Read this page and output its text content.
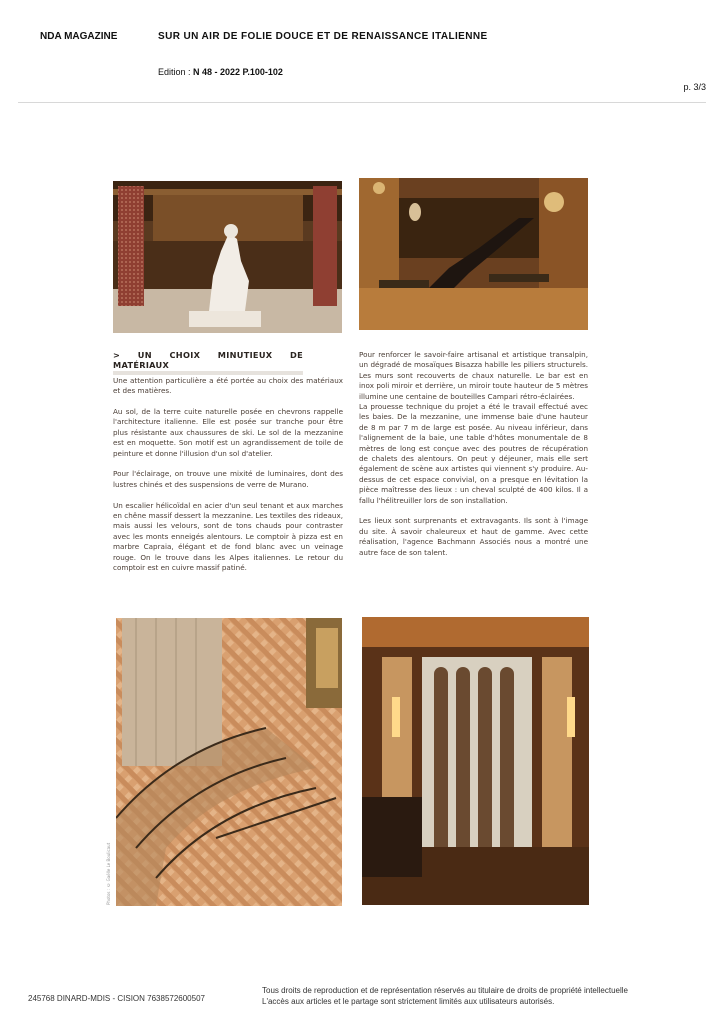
NDA MAGAZINE	SUR UN AIR DE FOLIE DOUCE ET DE RENAISSANCE ITALIENNE
Edition : N 48 - 2022 P.100-102
p. 3/3
> UN CHOIX MINUTIEUX DE MATÉRIAUX

Une attention particulière a été portée au choix des matériaux et des matières.

Au sol, de la terre cuite naturelle posée en chevrons rappelle l'architecture italienne. Elle est posée sur tranche pour être plus résistante aux chaussures de ski. Le sol de la mezzanine est en moquette. Son motif est un agrandissement de toile de peinture et donne l'illusion d'un sol d'atelier.

Pour l'éclairage, on trouve une mixité de luminaires, dont des lustres chinés et des suspensions de verre de Murano.

Un escalier hélicoïdal en acier d'un seul tenant et aux marches en chêne massif dessert la mezzanine. Les textiles des rideaux, mais aussi les velours, sont de tons chauds pour contraster avec les monts enneigés alentours. Le comptoir à pizza est en marbre Capraia, élégant et de fond blanc avec un veinage rouge. On le trouve dans les Alpes italiennes. Le retour du comptoir est en cuivre massif patiné.

Pour renforcer le savoir-faire artisanal et artistique transalpin, un dégradé de mosaïques Bisazza habille les piliers structurels. Les murs sont recouverts de chaux naturelle. Le bar est en inox poli miroir et derrière, un miroir toute hauteur de 5 mètres illumine une centaine de bouteilles Campari rétro-éclairées.

La prouesse technique du projet a été le travail effectué avec les baies. De la mezzanine, une immense baie d'une hauteur de 8 m par 7 m de large est posée. Au niveau inférieur, dans l'alignement de la baie, une table d'hôtes monumentale de 8 mètres de long est conçue avec des poutres de récupération de chalets des alentours. On peut y déjeuner, mais elle sert également de scène aux artistes qui viennent s'y produire. Au-dessus de cet espace convivial, on a presque en lévitation la pièce maîtresse des lieux : un cheval sculpté de 400 kilos. Il a fallu l'hélitreuiller lors de son installation.

Les lieux sont surprenants et extravagants. Ils sont à l'image du site. À savoir chaleureux et haut de gamme. Avec cette réalisation, l'agence Bachmann Associés nous a montré une autre face de son talent.

Photos : © Gaëlle Le Boulicaut
245768 DINARD-MDIS - CISION 7638572600507
Tous droits de reproduction et de représentation réservés au titulaire de droits de propriété intellectuelle
L'accès aux articles et le partage sont strictement limités aux utilisateurs autorisés.
